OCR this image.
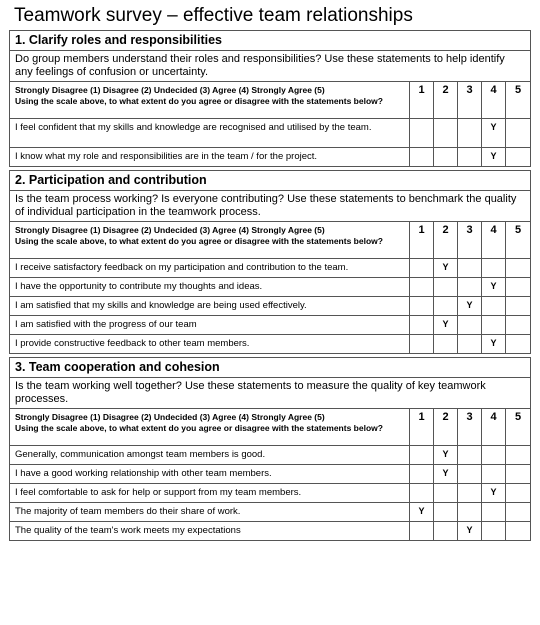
Teamwork survey – effective team relationships
1. Clarify roles and responsibilities					
Do group members understand their roles and responsibilities? Use these statements to help identify any feelings of confusion or uncertainty.					

Strongly Disagree (1) Disagree (2) Undecided (3) Agree (4) Strongly Agree (5)
Using the scale above, to what extent do you agree or disagree with the statements below?	1	2	3	4	5
I feel confident that my skills and knowledge are recognised and utilised by the team.				Y	
I know what my role and responsibilities are in the team / for the project.				Y	

2. Participation and contribution					
Is the team process working? Is everyone contributing? Use these statements to benchmark the quality of individual participation in the teamwork process.					

Strongly Disagree (1) Disagree (2) Undecided (3) Agree (4) Strongly Agree (5)
Using the scale above, to what extent do you agree or disagree with the statements below?	1	2	3	4	5
I receive satisfactory feedback on my participation and contribution to the team.		Y			
I have the opportunity to contribute my thoughts and ideas.				Y	
I am satisfied that my skills and knowledge are being used effectively.			Y		
I am satisfied with the progress of our team		Y			
I provide constructive feedback to other team members.				Y	

3. Team cooperation and cohesion					
Is the team working well together? Use these statements to measure the quality of key teamwork processes.					

Strongly Disagree (1) Disagree (2) Undecided (3) Agree (4) Strongly Agree (5)
Using the scale above, to what extent do you agree or disagree with the statements below?	1	2	3	4	5
Generally, communication amongst team members is good.		Y			
I have a good working relationship with other team members.		Y			
I feel comfortable to ask for help or support from my team members.				Y	
The majority of team members do their share of work.	Y				
The quality of the team's work meets my expectations			Y		
